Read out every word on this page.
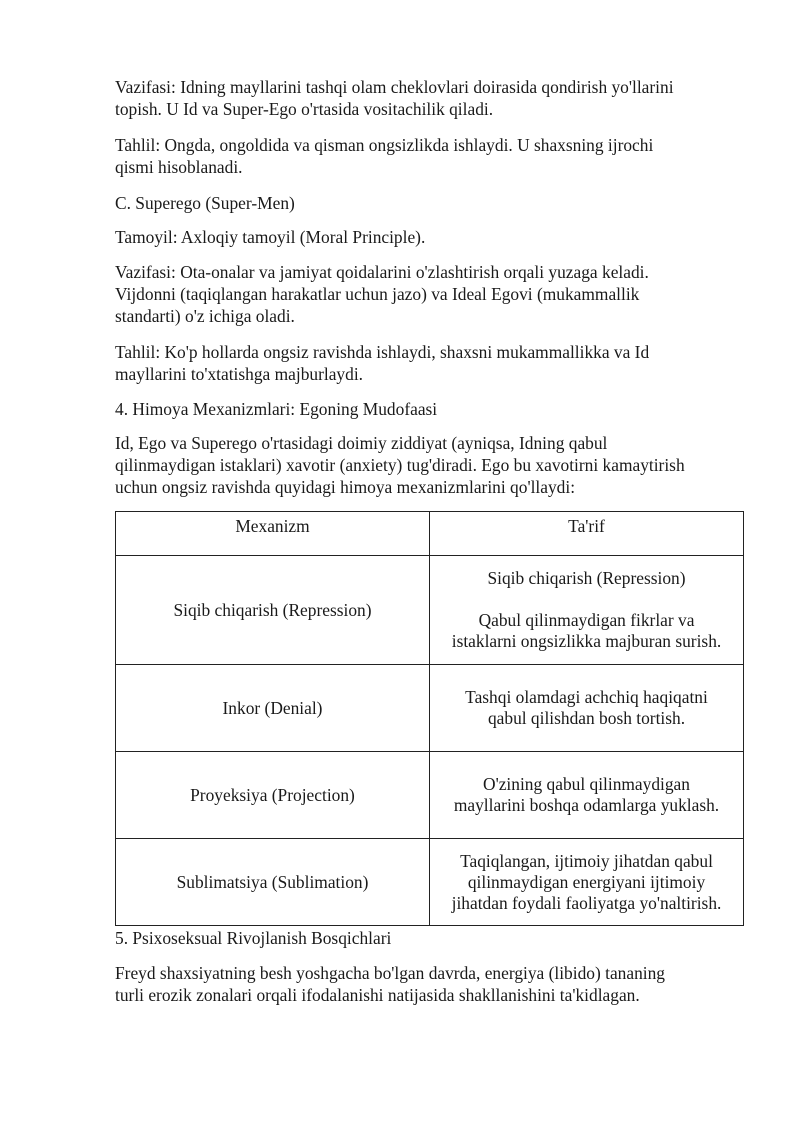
Vazifasi: Idning mayllarini tashqi olam cheklovlari doirasida qondirish yo'llarini
topish. U Id va Super-Ego o'rtasida vositachilik qiladi.

Tahlil: Ongda, ongoldida va qisman ongsizlikda ishlaydi. U shaxsning ijrochi
qismi hisoblanadi.

C. Superego (Super-Men)

Tamoyil: Axloqiy tamoyil (Moral Principle).

Vazifasi: Ota-onalar va jamiyat qoidalarini o'zlashtirish orqali yuzaga keladi.
Vijdonni (taqiqlangan harakatlar uchun jazo) va Ideal Egovi (mukammallik
standarti) o'z ichiga oladi.

Tahlil: Ko'p hollarda ongsiz ravishda ishlaydi, shaxsni mukammallikka va Id
mayllarini to'xtatishga majburlaydi.

4. Himoya Mexanizmlari: Egoning Mudofaasi

Id, Ego va Superego o'rtasidagi doimiy ziddiyat (ayniqsa, Idning qabul
qilinmaydigan istaklari) xavotir (anxiety) tug'diradi. Ego bu xavotirni kamaytirish
uchun ongsiz ravishda quyidagi himoya mexanizmlarini qo'llaydi:

Mexanizm	Ta'rif
Siqib chiqarish (Repression)	Siqib chiqarish (Repression)
Qabul qilinmaydigan fikrlar va
istaklarni ongsizlikka majburan surish.

Inkor (Denial)	Tashqi olamdagi achchiq haqiqatni
qabul qilishdan bosh tortish.

Proyeksiya (Projection)	O'zining qabul qilinmaydigan
mayllarini boshqa odamlarga yuklash.

Sublimatsiya (Sublimation)	Taqiqlangan, ijtimoiy jihatdan qabul
qilinmaydigan energiyani ijtimoiy
jihatdan foydali faoliyatga yo'naltirish.

5. Psixoseksual Rivojlanish Bosqichlari

Freyd shaxsiyatning besh yoshgacha bo'lgan davrda, energiya (libido) tananing
turli erozik zonalari orqali ifodalanishi natijasida shakllanishini ta'kidlagan.
